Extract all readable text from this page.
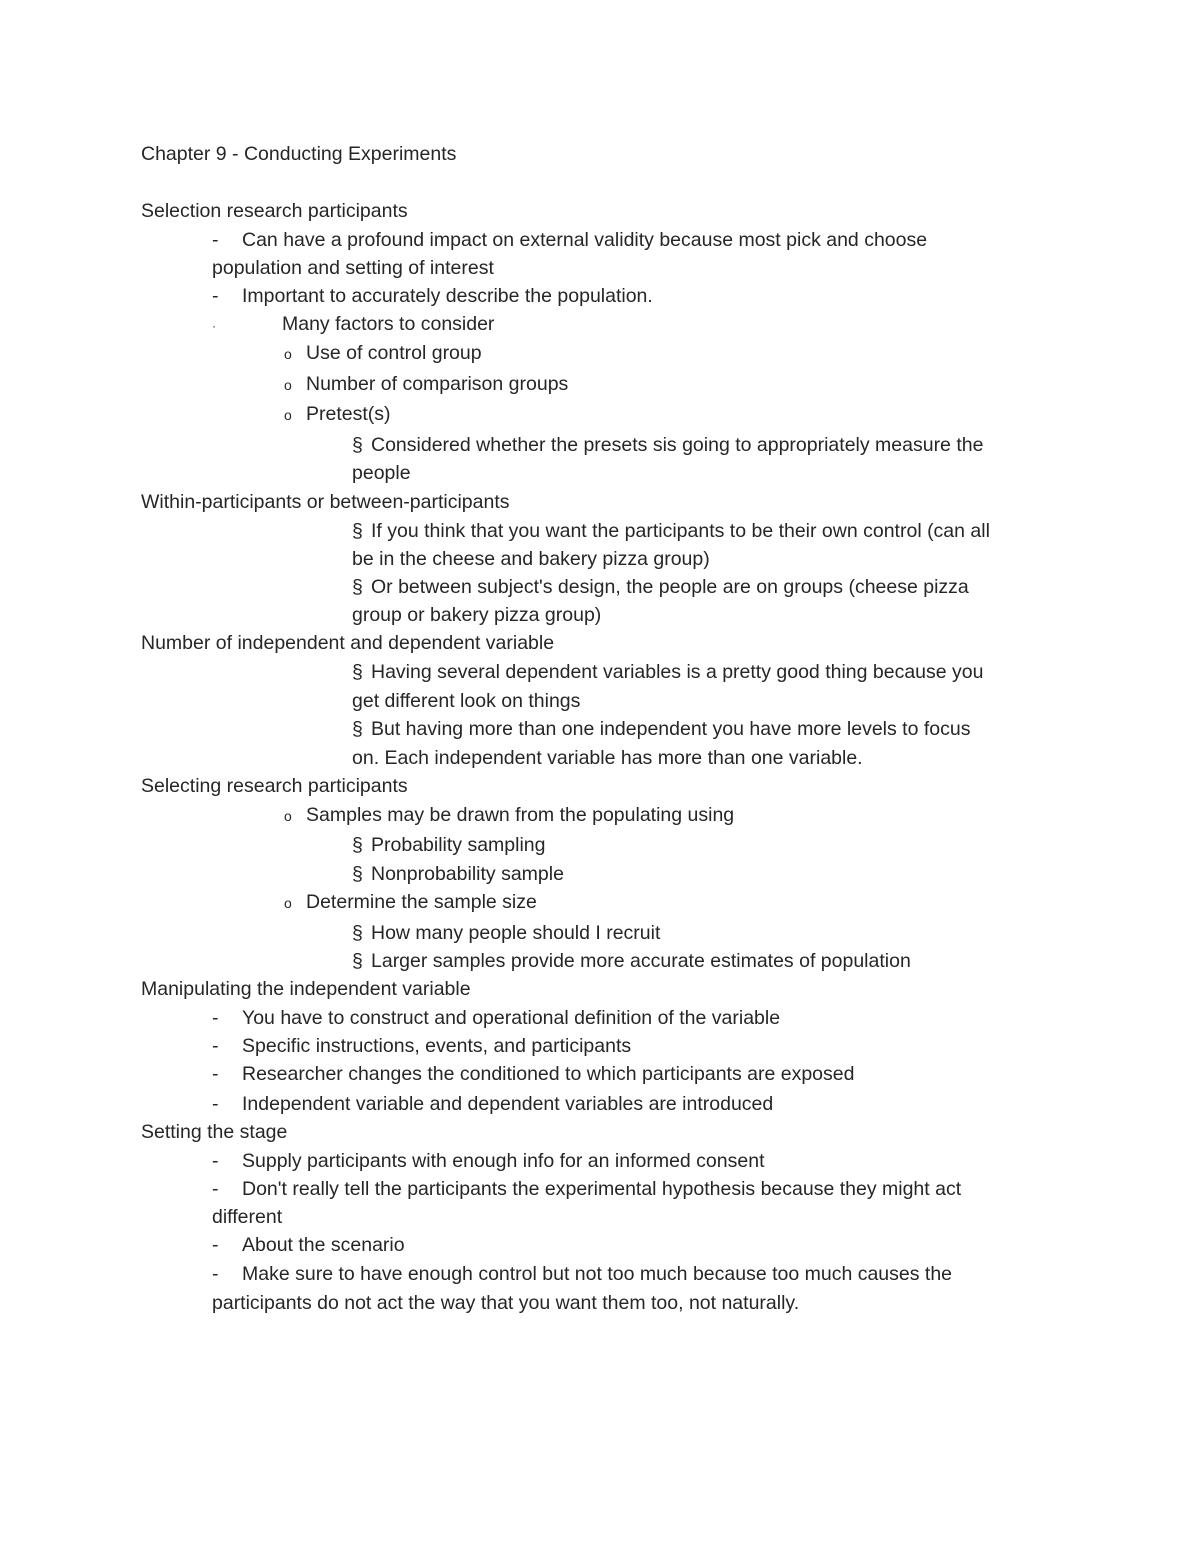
Chapter 9 - Conducting Experiments
Selection research participants
- Can have a profound impact on external validity because most pick and choose
population and setting of interest
- Important to accurately describe the population.
·	Many factors to consider
o Use of control group
o Number of comparison groups
o Pretest(s)
§ Considered whether the presets sis going to appropriately measure the
people
Within-participants or between-participants
§ If you think that you want the participants to be their own control (can all
be in the cheese and bakery pizza group)
§ Or between subject's design, the people are on groups (cheese pizza
group or bakery pizza group)
Number of independent and dependent variable
§ Having several dependent variables is a pretty good thing because you
get different look on things
§ But having more than one independent you have more levels to focus
on. Each independent variable has more than one variable.
Selecting research participants
o Samples may be drawn from the populating using
§ Probability sampling
§ Nonprobability sample
o Determine the sample size
§ How many people should I recruit
§ Larger samples provide more accurate estimates of population
Manipulating the independent variable
- You have to construct and operational definition of the variable
- Specific instructions, events, and participants
- Researcher changes the conditioned to which participants are exposed
- Independent variable and dependent variables are introduced
Setting the stage
- Supply participants with enough info for an informed consent
- Don't really tell the participants the experimental hypothesis because they might act
different
- About the scenario
- Make sure to have enough control but not too much because too much causes the
participants do not act the way that you want them too, not naturally.
